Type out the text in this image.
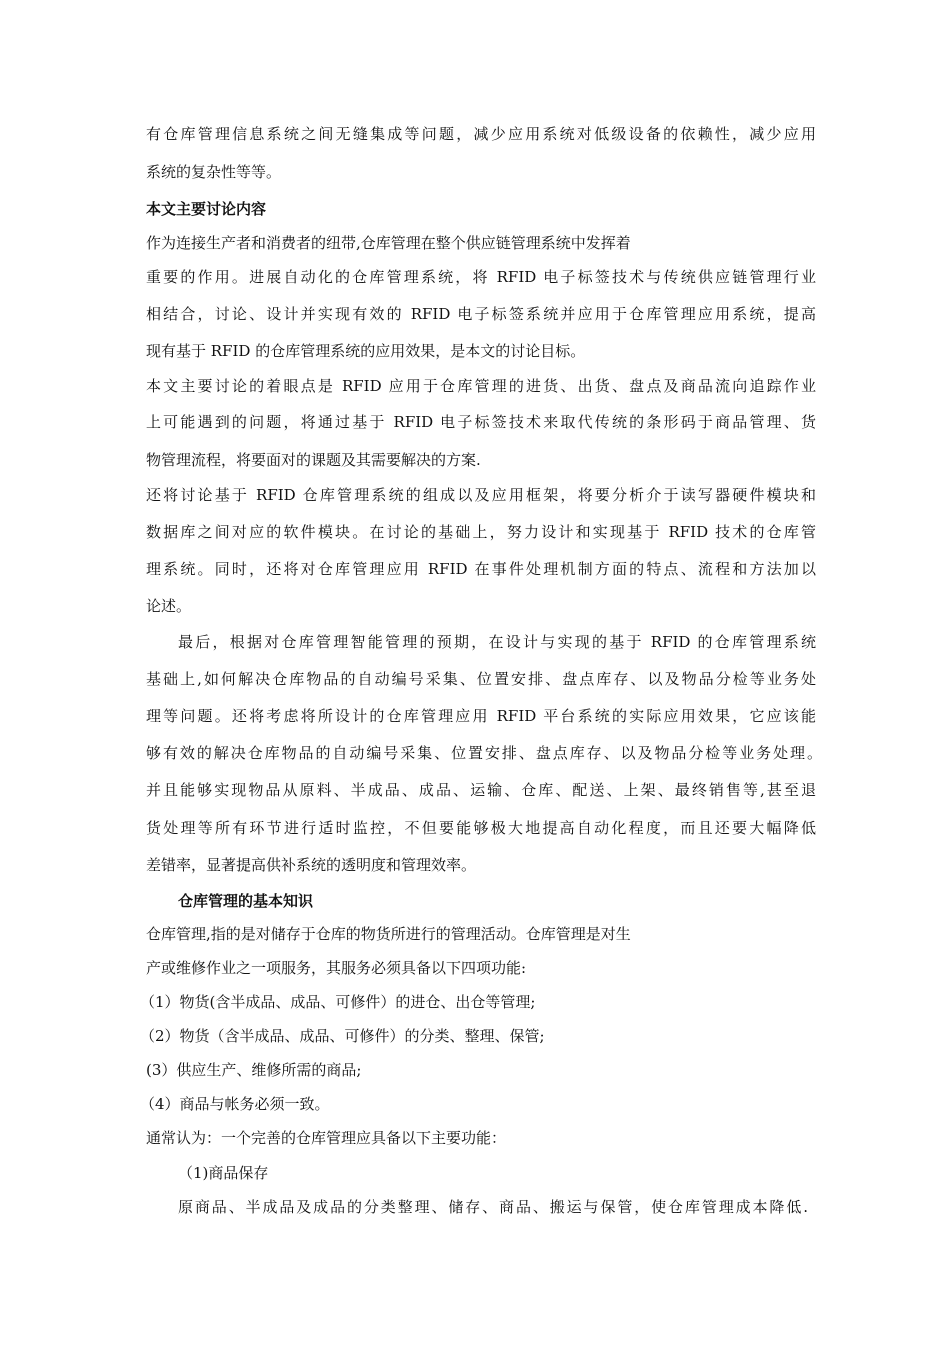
有仓库管理信息系统之间无缝集成等问题，减少应用系统对低级设备的依赖性，减少应用
系统的复杂性等等。
本文主要讨论内容
作为连接生产者和消费者的纽带,仓库管理在整个供应链管理系统中发挥着
重要的作用。进展自动化的仓库管理系统，将 RFID 电子标签技术与传统供应链管理行业
相结合，讨论、设计并实现有效的 RFID 电子标签系统并应用于仓库管理应用系统，提高
现有基于 RFID 的仓库管理系统的应用效果，是本文的讨论目标。
本文主要讨论的着眼点是 RFID 应用于仓库管理的进货、出货、盘点及商品流向追踪作业
上可能遇到的问题，将通过基于 RFID 电子标签技术来取代传统的条形码于商品管理、货
物管理流程，将要面对的课题及其需要解决的方案.
还将讨论基于 RFID 仓库管理系统的组成以及应用框架，将要分析介于读写器硬件模块和
数据库之间对应的软件模块。在讨论的基础上，努力设计和实现基于 RFID 技术的仓库管
理系统。同时，还将对仓库管理应用 RFID 在事件处理机制方面的特点、流程和方法加以
论述。
最后，根据对仓库管理智能管理的预期，在设计与实现的基于 RFID 的仓库管理系统
基础上,如何解决仓库物品的自动编号采集、位置安排、盘点库存、以及物品分检等业务处
理等问题。还将考虑将所设计的仓库管理应用 RFID 平台系统的实际应用效果，它应该能
够有效的解决仓库物品的自动编号采集、位置安排、盘点库存、以及物品分检等业务处理。
并且能够实现物品从原料、半成品、成品、运输、仓库、配送、上架、最终销售等,甚至退
货处理等所有环节进行适时监控，不但要能够极大地提高自动化程度，而且还要大幅降低
差错率，显著提高供补系统的透明度和管理效率。
仓库管理的基本知识
仓库管理,指的是对储存于仓库的物货所进行的管理活动。仓库管理是对生
产或维修作业之一项服务，其服务必须具备以下四项功能:
（1）物货(含半成品、成品、可修件）的进仓、出仓等管理;
（2）物货（含半成品、成品、可修件）的分类、整理、保管;
(3）供应生产、维修所需的商品;
（4）商品与帐务必须一致。
通常认为：一个完善的仓库管理应具备以下主要功能：
（1)商品保存
原商品、半成品及成品的分类整理、储存、商品、搬运与保管，使仓库管理成本降低.
